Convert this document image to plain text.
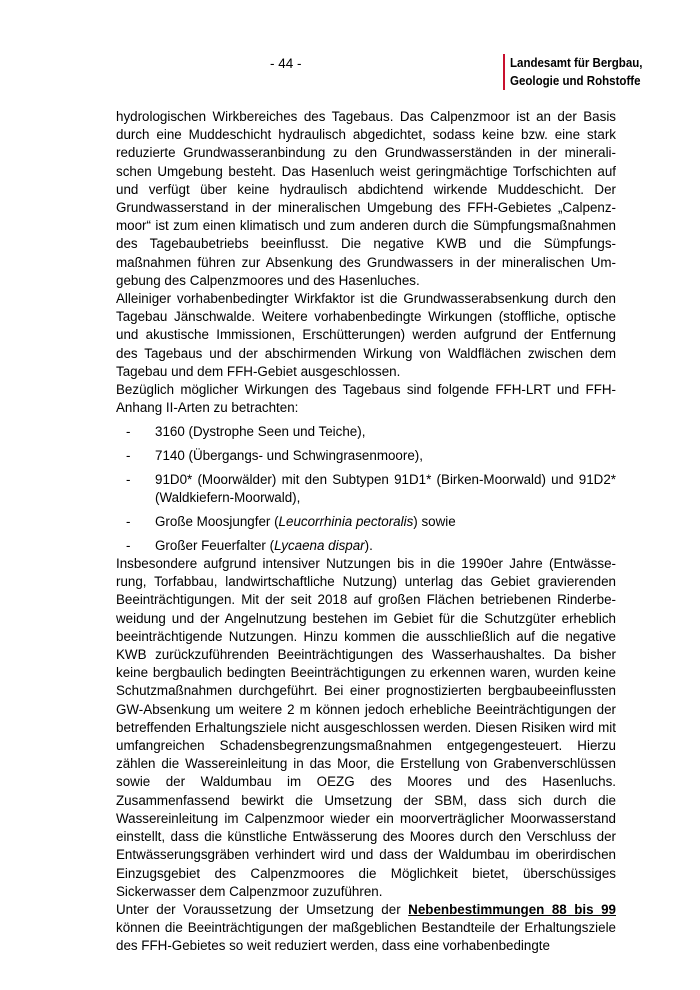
- 44 -	Landesamt für Bergbau,
Geologie und Rohstoffe

hydrologischen Wirkbereiches des Tagebaus. Das Calpenzmoor ist an der Basis durch eine Muddeschicht hydraulisch abgedichtet, sodass keine bzw. eine stark reduzierte Grundwasseranbindung zu den Grundwasserständen in der mineralischen Umgebung besteht. Das Hasenluch weist geringmächtige Torfschichten auf und verfügt über keine hydraulisch abdichtend wirkende Muddeschicht. Der Grundwasserstand in der mineralischen Umgebung des FFH-Gebietes „Calpenzmoor“ ist zum einen klimatisch und zum anderen durch die Sümpfungsmaßnahmen des Tagebaubetriebs beeinflusst. Die negative KWB und die Sümpfungsmaßnahmen führen zur Absenkung des Grundwassers in der mineralischen Umgebung des Calpenzmoores und des Hasenluches.

Alleiniger vorhabenbedingter Wirkfaktor ist die Grundwasserabsenkung durch den Tagebau Jänschwalde. Weitere vorhabenbedingte Wirkungen (stoffliche, optische und akustische Immissionen, Erschütterungen) werden aufgrund der Entfernung des Tagebaus und der abschirmenden Wirkung von Waldflächen zwischen dem Tagebau und dem FFH-Gebiet ausgeschlossen.

Bezüglich möglicher Wirkungen des Tagebaus sind folgende FFH-LRT und FFH-Anhang II-Arten zu betrachten:

- 3160 (Dystrophe Seen und Teiche),
- 7140 (Übergangs- und Schwingrasenmoore),
- 91D0* (Moorwälder) mit den Subtypen 91D1* (Birken-Moorwald) und 91D2* (Waldkiefern-Moorwald),
- Große Moosjungfer (Leucorrhinia pectoralis) sowie
- Großer Feuerfalter (Lycaena dispar).

Insbesondere aufgrund intensiver Nutzungen bis in die 1990er Jahre (Entwässerung, Torfabbau, landwirtschaftliche Nutzung) unterlag das Gebiet gravierenden Beeinträchtigungen. Mit der seit 2018 auf großen Flächen betriebenen Rinderbeweidung und der Angelnutzung bestehen im Gebiet für die Schutzgüter erheblich beeinträchtigende Nutzungen. Hinzu kommen die ausschließlich auf die negative KWB zurückzuführenden Beeinträchtigungen des Wasserhaushaltes. Da bisher keine bergbaulich bedingten Beeinträchtigungen zu erkennen waren, wurden keine Schutzmaßnahmen durchgeführt. Bei einer prognostizierten bergbaubeeinflussten GW-Absenkung um weitere 2 m können jedoch erhebliche Beeinträchtigungen der betreffenden Erhaltungsziele nicht ausgeschlossen werden. Diesen Risiken wird mit umfangreichen Schadensbegrenzungsmaßnahmen entgegengesteuert. Hierzu zählen die Wassereinleitung in das Moor, die Erstellung von Grabenverschlüssen sowie der Waldumbau im OEZG des Moores und des Hasenluchs. Zusammenfassend bewirkt die Umsetzung der SBM, dass sich durch die Wassereinleitung im Calpenzmoor wieder ein moorverträglicher Moorwasserstand einstellt, dass die künstliche Entwässerung des Moores durch den Verschluss der Entwässerungsgräben verhindert wird und dass der Waldumbau im oberirdischen Einzugsgebiet des Calpenzmoores die Möglichkeit bietet, überschüssiges Sickerwasser dem Calpenzmoor zuzuführen.

Unter der Voraussetzung der Umsetzung der Nebenbestimmungen 88 bis 99 können die Beeinträchtigungen der maßgeblichen Bestandteile der Erhaltungsziele des FFH-Gebietes so weit reduziert werden, dass eine vorhabenbedingte
